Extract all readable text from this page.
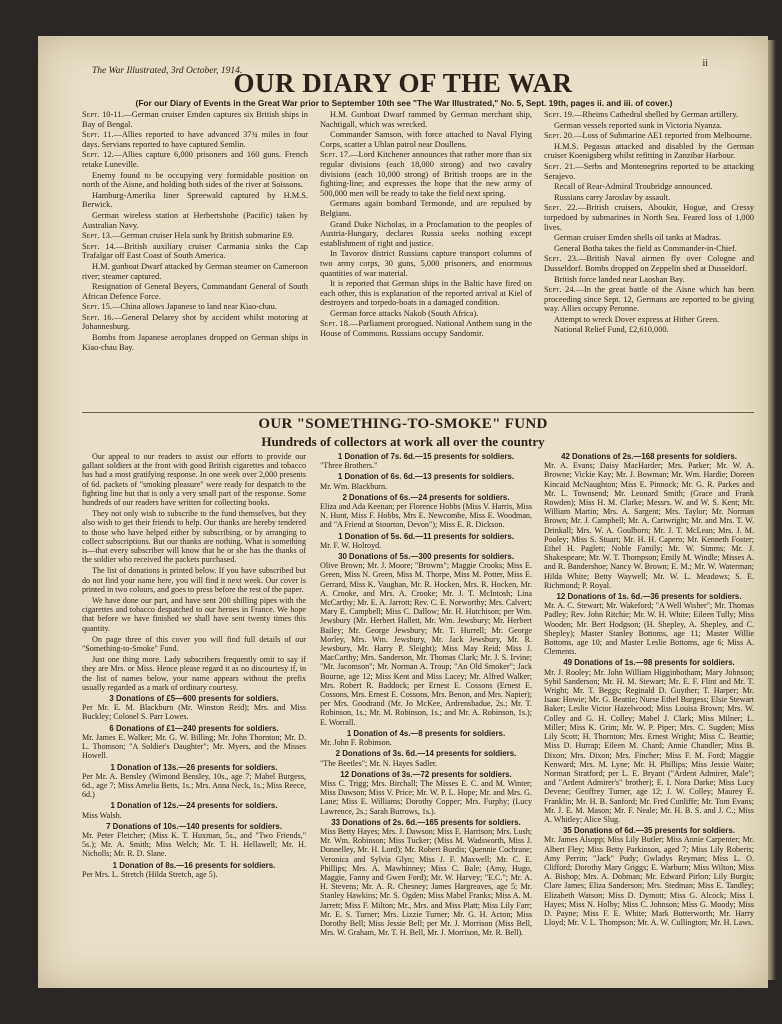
The War Illustrated, 3rd October, 1914.
ii
OUR DIARY OF THE WAR
(For our Diary of Events in the Great War prior to September 10th see "The War Illustrated," No. 5, Sept. 19th, pages ii. and iii. of cover.)

Sept. 10-11.—German cruiser Emden captures six British ships in Bay of Bengal.

Sept. 11.—Allies reported to have advanced 37¾ miles in four days. Servians reported to have captured Semlin.

Sept. 12.—Allies capture 6,000 prisoners and 160 guns. French retake Luneville.

Enemy found to be occupying very formidable position on north of the Aisne, and holding both sides of the river at Soissons.

Hamburg-Amerika liner Spreewald captured by H.M.S. Berwick.

German wireless station at Herbertshohe (Pacific) taken by Australian Navy.

Sept. 13.—German cruiser Hela sunk by British submarine E9.

Sept. 14.—British auxiliary cruiser Carmania sinks the Cap Trafalgar off East Coast of South America.

H.M. gunboat Dwarf attacked by German steamer on Cameroon river; steamer captured.

Resignation of General Beyers, Commandant General of South African Defence Force.

Sept. 15.—China allows Japanese to land near Kiao-chau.

Sept. 16.—General Delarey shot by accident whilst motoring at Johannesburg.

Bombs from Japanese aeroplanes dropped on German ships in Kiao-chau Bay.

H.M. Gunboat Dwarf rammed by German merchant ship, Nachtigall, which was wrecked.

Commander Samson, with force attached to Naval Flying Corps, scatter a Uhlan patrol near Doullens.

Sept. 17.—Lord Kitchener announces that rather more than six regular divisions (each 18,000 strong) and two cavalry divisions (each 10,000 strong) of British troops are in the fighting-line; and expresses the hope that the new army of 500,000 men will be ready to take the field next spring.

Germans again bombard Termonde, and are repulsed by Belgians.

Grand Duke Nicholas, in a Proclamation to the peoples of Austria-Hungary, declares Russia seeks nothing except establishment of right and justice.

In Tavorov district Russians capture transport columns of two army corps, 30 guns, 5,000 prisoners, and enormous quantities of war material.

It is reported that German ships in the Baltic have fired on each other, this is explanation of the reported arrival at Kiel of destroyers and torpedo-boats in a damaged condition.

German force attacks Nakob (South Africa).

Sept. 18.—Parliament prorogued. National Anthem sung in the House of Commons. Russians occupy Sandomir.

Sept. 19.—Rheims Cathedral shelled by German artillery.

German vessels reported sunk in Victoria Nyanza.

Sept. 20.—Loss of Submarine AE1 reported from Melbourne.

H.M.S. Pegasus attacked and disabled by the German cruiser Koenigsberg whilst refitting in Zanzibar Harbour.

Sept. 21.—Serbs and Montenegrins reported to be attacking Serajevo.

Recall of Rear-Admiral Troubridge announced.

Russians carry Jaroslav by assault.

Sept. 22.—British cruisers, Aboukir, Hogue, and Cressy torpedoed by submarines in North Sea. Feared loss of 1,000 lives.

German cruiser Emden shells oil tanks at Madras.

General Botha takes the field as Commander-in-Chief.

Sept. 23.—British Naval airmen fly over Cologne and Dusseldorf. Bombs dropped on Zeppelin shed at Dusseldorf.

British force landed near Laoshan Bay.

Sept. 24.—In the great battle of the Aisne which has been proceeding since Sept. 12, Germans are reported to be giving way. Allies occupy Peronne.

Attempt to wreck Dover express at Hither Green.

National Relief Fund, £2,610,000.

OUR "SOMETHING-TO-SMOKE" FUND
Hundreds of collectors at work all over the country

Our appeal to our readers to assist our efforts to provide our gallant soldiers at the front with good British cigarettes and tobacco has had a most gratifying response. In one week over 2,000 presents of 6d. packets of "smoking pleasure" were ready for despatch to the fighting line but that is only a very small part of the response. Some hundreds of our readers have written for collecting books.

They not only wish to subscribe to the fund themselves, but they also wish to get their friends to help. Our thanks are hereby tendered to those who have helped either by subscribing, or by arranging to collect subscriptions. But our thanks are nothing. What is something is—that every subscriber will know that he or she has the thanks of the soldier who received the packets purchased.

The list of donations is printed below. If you have subscribed but do not find your name here, you will find it next week. Our cover is printed in two colours, and goes to press before the rest of the paper.

We have done our part, and have sent 200 shilling pipes with the cigarettes and tobacco despatched to our heroes in France. We hope that before we have finished we shall have sent twenty times this quantity.

On page three of this cover you will find full details of our "Something-to-Smoke" Fund.

Just one thing more. Lady subscribers frequently omit to say if they are Mrs. or Miss. Hence please regard it as no discourtesy if, in the list of names below, your name appears without the prefix usually regarded as a mark of ordinary courtesy.

3 Donations of £5—600 presents for soldiers.
Per Mr. E. M. Blackburn (Mr. Winston Reid); Mrs. and Miss Buckley; Colonel S. Parr Lowes.
6 Donations of £1—240 presents for soldiers.
Mr. James E. Walker; Mr. G. W. Billing; Mr. John Thornton; Mr. D. L. Thomson; "A Soldier's Daughter"; Mr. Myers, and the Misses Howell.
1 Donation of 13s.—26 presents for soldiers.
Per Mr. A. Bensley (Wimond Bensley, 10s., age 7; Mabel Burgess, 6d., age 7; Miss Amelia Betts, 1s.; Mrs. Anna Neck, 1s.; Miss Reece, 6d.)
1 Donation of 12s.—24 presents for soldiers.
Miss Walsh.
7 Donations of 10s.—140 presents for soldiers.
Mr. Peter Fletcher; (Miss K. T. Huxman, 5s., and "Two Friends," 5s.); Mr. A. Smith; Miss Welch; Mr. T. H. Hellawell; Mr. H. Nicholls; Mr. R. D. Slane.
1 Donation of 8s.—16 presents for soldiers.
Per Mrs. L. Stretch (Hilda Stretch, age 5).
1 Donation of 7s. 6d.—15 presents for soldiers.
"Three Brothers."
1 Donation of 6s. 6d.—13 presents for soldiers.
Mr. Wm. Blackburn.
2 Donations of 6s.—24 presents for soldiers.
Eliza and Ada Keenan; per Florence Hobbs (Miss V. Harris, Miss N. Hunt, Miss F. Hobbs, Mrs E. Newcombe, Miss E. Woodman, and "A Friend at Stourton, Devon"); Miss E. R. Dickson.
1 Donation of 5s. 6d.—11 presents for soldiers.
Mr. F. W. Holroyd.
30 Donations of 5s.—300 presents for soldiers.
Olive Brown; Mr. J. Moore; "Browns"; Maggie Crooks; Miss E. Green, Miss N. Green, Miss M. Thorpe, Miss M. Potter, Miss E. Gerrard, Miss K. Vaughan, Mr. R. Hocken, Mrs. R. Hocken, Mr. A. Crooke, and Mrs. A. Crooke; Mr. J. T. McIntosh; Lina McCarthy; Mr. E. A. Jarrott; Rev. C. E. Norworthy; Mrs. Calvert; Mary E. Campbell; Miss C. Dallow; Mr. H. Hutchison; per Wm. Jewsbury (Mr. Herbert Hallett, Mr. Wm. Jewsbury; Mr. Herbert Bailey; Mr. George Jewsbury; Mr. T. Hurrell; Mr. George Morley, Mrs. Wm. Jewsbury, Mr. Jack Jewsbury, Mr. R. Jewsbury, Mr. Harry P. Sleight); Miss May Reid; Miss J. MacCarthy; Mrs. Sanderson, Mr. Thomas Clark; Mr. J. S. Irvine; "Mr. Jacomson"; Mr. Norman A. Troup; "An Old Smoker"; Jack Bourne, age 12; Miss Kent and Miss Lacey; Mr. Alfred Walker; Mrs. Robert R. Baddock; per Ernest E. Cossons (Ernest E. Cossons, Mrs. Ernest E. Cossons, Mrs. Benon, and Mrs. Napier); per Mrs. Goodrand (Mr. Jo McKee, Ardrensbadue, 2s.; Mr. T. Robinson, 1s.; Mr. M. Robinson, 1s.; and Mr. A. Robinson, 1s.); E. Worrall.
1 Donation of 4s.—8 presents for soldiers.
Mr. John F. Robinson.
2 Donations of 3s. 6d.—14 presents for soldiers.
"The Beetles"; Mr. N. Hayes Sadler.
12 Donations of 3s.—72 presents for soldiers.
Miss C. Trigg; Mrs. Birchall; The Misses E. C. and M. Winter; Miss Dawson; Miss V. Price; Mr. W. P. L. Hope; Mr. and Mrs. G. Lane; Miss E. Williams; Dorothy Copper; Mrs. Furphy; (Lucy Lawrence, 2s.; Sarah Burrows, 1s.).
33 Donations of 2s. 6d.—165 presents for soldiers.
Miss Betty Hayes; Mrs. J. Dawson; Miss E. Harrison; Mrs. Lush; Mr. Wm. Robinson; Miss Tucker; (Miss M. Wadsworth, Miss J. Donnelley, Mr. H. Lord); Mr. Robert Burdis; Quennie Cochrane; Veronica and Sylvia Glyn; Miss J. F. Maxwell; Mr. C. E. Phillips; Mrs. A. Mawhinney; Miss C. Bale; (Amy, Hugo, Maggie, Fanny and Gwen Ford); Mr. W. Harvey; "E.C."; Mr. A. H. Stevens; Mr. A. R. Chesney; James Hargreaves, age 5; Mr. Stanley Hawkins; Mr. S. Ogden; Miss Mabel Franks; Miss A. M. Jarrett; Miss F. Milton; Mr., Mrs. and Miss Platt; Miss Lily Farr; Mr. E. S. Turner; Mrs. Lizzie Turner; Mr. G. H. Acton; Miss Dorothy Bell; Miss Jessie Bell; per Mr. J. Morrison (Miss Bell, Mrs. W. Graham, Mr. T. H. Bell, Mr. J. Morrison, Mr. R. Bell).
42 Donations of 2s.—168 presents for soldiers.
Mr. A. Evans; Daisy MacHarder; Mrs. Parker; Mr. W. A. Browne; Vickie Kay; Mr. J. Bowman; Mr. Wm. Hardie; Doreen Kincaid McNaughton; Miss E. Pinnock; Mr. G. R. Parkes and Mr. L. Townsend; Mr. Leonard Smith; (Grace and Frank Rowden); Miss H. M. Clarke; Messrs. W. and W. S. Kent; Mr. William Martin; Mrs. A. Sargent; Mrs. Taylor; Mr. Norman Brown; Mr. J. Campbell; Mr. A. Cartwright; Mr. and Mrs. T. W. Drinkall; Mrs. W. A. Goulborn; Mr. J. T. McLean; Mrs. J. M. Pooley; Miss S. Stuart; Mr. H. H. Capern; Mr. Kenneth Foster; Ethel H. Paglett; Noble Family; Mr. W. Simms; Mr. J. Shakespeare; Mr. W. T. Thompson; Emily M. Windle; Misses A. and R. Bandershoe; Nancy W. Brown; E. M.; Mr. W. Waterman; Hilda White; Betty Waywell; Mr. W. L. Meadows; S. E. Richmond; P. Royal.
12 Donations of 1s. 6d.—36 presents for soldiers.
Mr. A. C. Stewart; Mr. Wakeford; "A Well Wisher"; Mr. Thomas Padley; Rev. John Ritchie; Mr. W. H. White; Eileen Tully; Miss Wooden; Mr. Bert Hodgson; (H. Shepley, A. Shepley, and C. Shepley); Master Stanley Bottoms, age 11; Master Willie Bottoms, age 10; and Master Leslie Bottoms, age 6; Miss A. Clements.
49 Donations of 1s.—98 presents for soldiers.
Mr. J. Rooley; Mr. John William Higginbotham; Mary Johnson; Sybil Sanderson; Mr. H. M. Stewart; Mr. E. F. Flint and Mr. T. Wright; Mr. T. Beggs; Reginald D. Guyther; T. Harper; Mr. Isaac Howie; Mr. G. Beattie; Nurse Ethel Burgess; Elsie Stewart Baker; Leslie Victor Hazelwood; Miss Louisa Brown; Mrs. W. Colley and G. H. Colley; Mabel J. Clark; Miss Milner; L. Miller; Miss K. Grim; Mr. W. P. Piper; Mrs. C. Sugden; Miss Lily Scott; H. Thornton; Mrs. Ernest Wright; Miss C. Beattie; Miss D. Hurrap; Eileen M. Chard; Annie Chandler; Miss B. Dixon; Mrs. Dixon; Mrs. Fincher; Miss F. M. Ford; Maggie Kenward; Mrs. M. Lyne; Mr. H. Phillips; Miss Jessie Waite; Norman Stratford; per L. E. Bryant ("Ardent Admirer, Male"; and "Ardent Admirer's" brother); E. I. Nora Darke; Miss Lucy Devene; Geoffrey Turner, age 12; J. W. Colley; Maurey E. Franklin; Mr. H. B. Sanford; Mr. Fred Cunliffe; Mr. Tom Evans; Mr. J. E. M. Mason; Mr. F. Neale; Mr. H. B. S. and J. C.; Miss A. Whitley; Alice Slug.
35 Donations of 6d.—35 presents for soldiers.
Mr. James Alsopp; Miss Lily Butler; Miss Annie Carpenter; Mr. Albert Fley; Miss Betty Parkinson, aged 7; Miss Lily Roberts; Amy Perrin; "Jack" Pudy; Gwladys Reyman; Miss L. O. Clifford; Dorothy Mary Griggs; E. Warburn; Miss Wilton; Miss A. Bishop; Mrs. A. Dobman; Mr. Edward Pirlon; Lily Burgis; Clare James; Eliza Sanderson; Mrs. Stedman; Miss E. Tandley; Elizabeth Watson; Miss D. Dymott; Miss G. Alcock; Miss I. Hayes; Miss N. Holby; Miss C. Johnson; Miss G. Moody; Miss D. Payne; Miss F. E. White; Mark Butterworth; Mr. Harry Lloyd; Mr. V. L. Thompson; Mr. A. W. Cullington; Mr. H. Laws.
